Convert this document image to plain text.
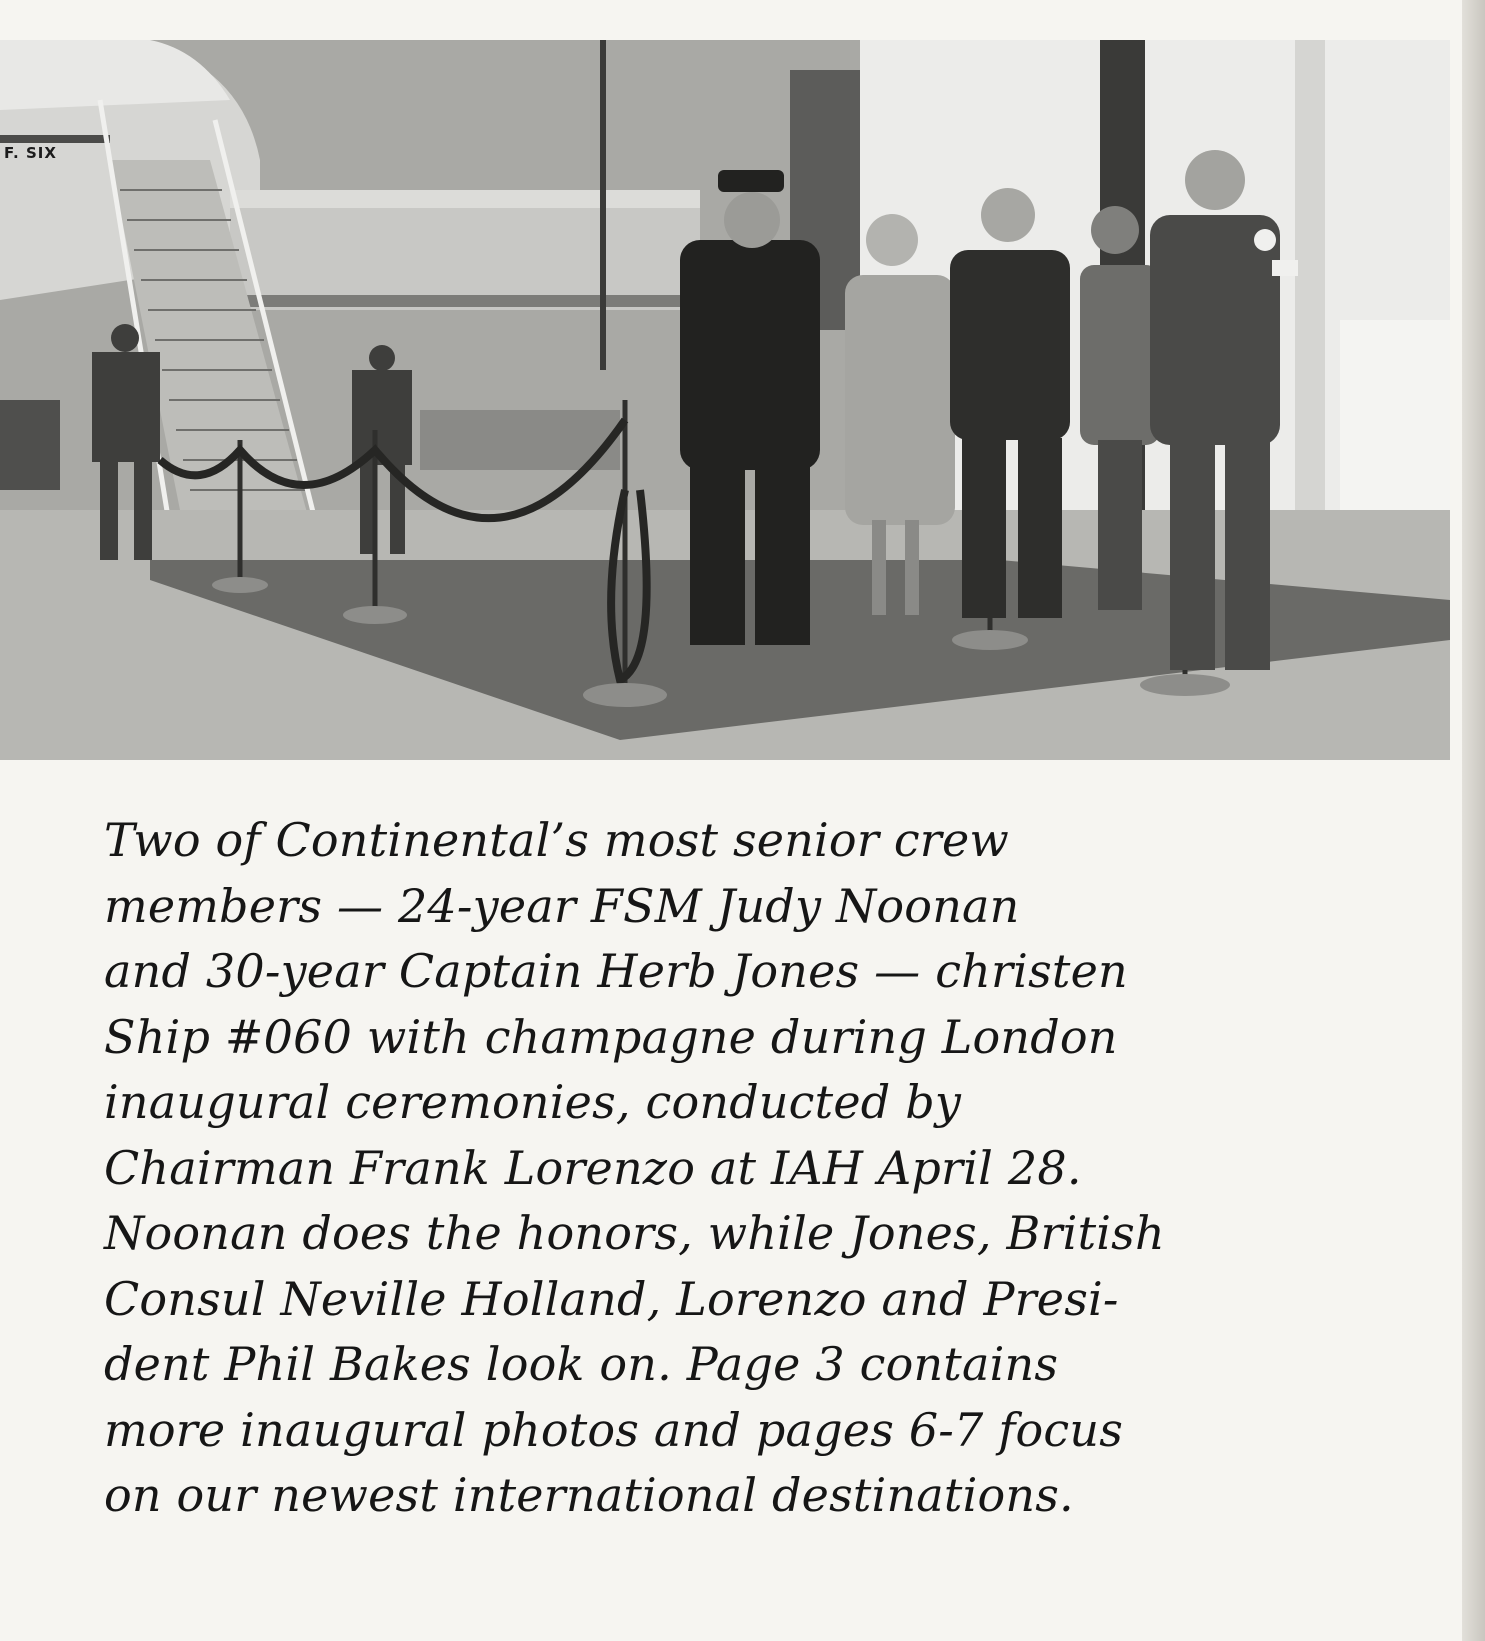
F. SIX

Two of Continental’s most senior crew
members — 24-year FSM Judy Noonan
and 30-year Captain Herb Jones — christen
Ship #060 with champagne during London
inaugural ceremonies, conducted by
Chairman Frank Lorenzo at IAH April 28.
Noonan does the honors, while Jones, British
Consul Neville Holland, Lorenzo and Presi-
dent Phil Bakes look on. Page 3 contains
more inaugural photos and pages 6-7 focus
on our newest international destinations.
